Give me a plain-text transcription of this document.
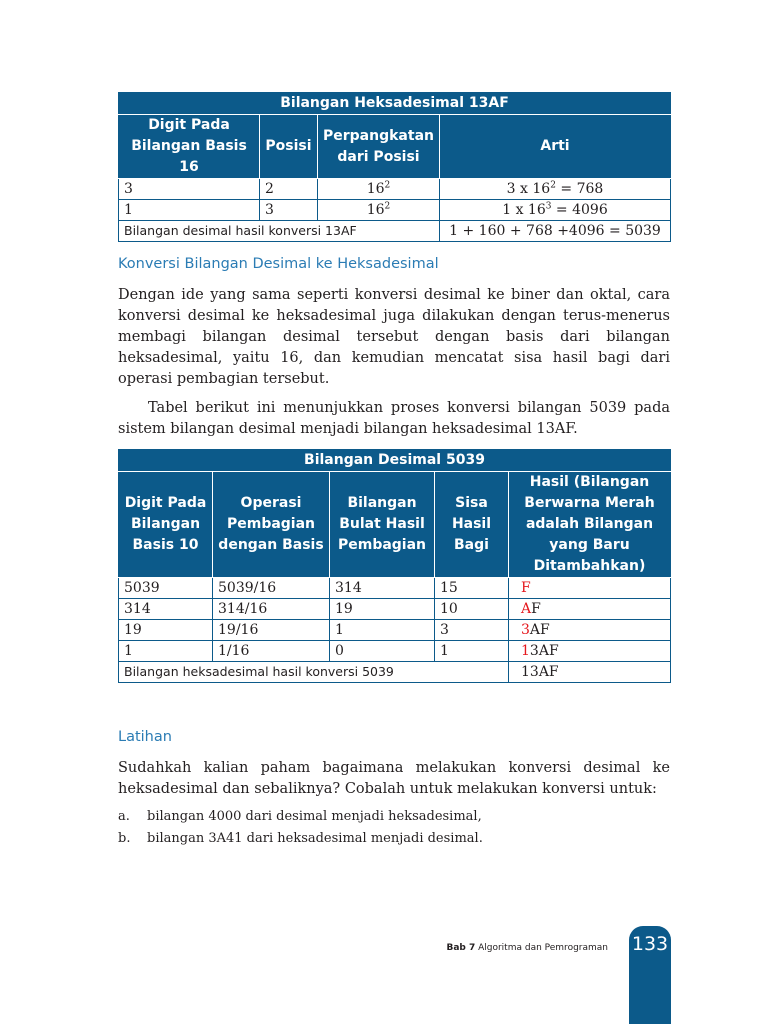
Bilangan Heksadesimal 13AF			
Digit Pada Bilangan Basis 16	Posisi	Perpangkatan dari Posisi	Arti
3	2	$16^2$	3 x $16^2 = 768$
1	3	$16^2$	1 x $16^3 = 4096$
Bilangan desimal hasil konversi 13AF			1 + 160 + 768 +4096 = 5039
Konversi Bilangan Desimal ke Heksadesimal

Dengan ide yang sama seperti konversi desimal ke biner dan oktal, cara konversi desimal ke heksadesimal juga dilakukan dengan terus-menerus membagi bilangan desimal tersebut dengan basis dari bilangan heksadesimal, yaitu 16, dan kemudian mencatat sisa hasil bagi dari operasi pembagian tersebut.

Tabel berikut ini menunjukkan proses konversi bilangan 5039 pada sistem bilangan desimal menjadi bilangan heksadesimal 13AF.

Bilangan Desimal 5039				
Digit Pada Bilangan Basis 10	Operasi Pembagian dengan Basis	Bilangan Bulat Hasil Pembagian	Sisa Hasil Bagi	Hasil (Bilangan Berwarna Merah adalah Bilangan yang Baru Ditambahkan)
5039	5039/16	314	15	F
314	314/16	19	10	AF
19	19/16	1	3	3AF
1	1/16	0	1	13AF
Bilangan heksadesimal hasil konversi 5039				13AF
Latihan

Sudahkah kalian paham bagaimana melakukan konversi desimal ke heksadesimal dan sebaliknya? Cobalah untuk melakukan konversi untuk:

a.	bilangan 4000 dari desimal menjadi heksadesimal,
b.	bilangan 3A41 dari heksadesimal menjadi desimal.
Bab 7 Algoritma dan Pemrograman 133
